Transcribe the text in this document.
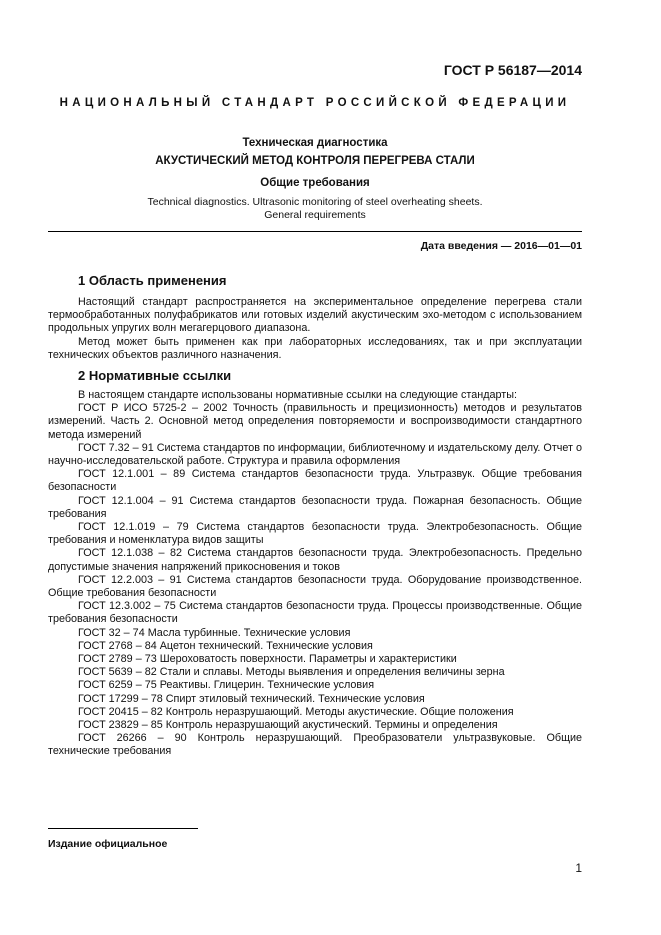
ГОСТ Р 56187—2014
НАЦИОНАЛЬНЫЙ СТАНДАРТ РОССИЙСКОЙ ФЕДЕРАЦИИ
Техническая диагностика
АКУСТИЧЕСКИЙ МЕТОД КОНТРОЛЯ ПЕРЕГРЕВА СТАЛИ
Общие требования
Technical diagnostics. Ultrasonic monitoring of steel overheating sheets.
General requirements
Дата введения — 2016—01—01
1 Область применения

Настоящий стандарт распространяется на экспериментальное определение перегрева стали термообработанных полуфабрикатов или готовых изделий акустическим эхо-методом с использованием продольных упругих волн мегагерцового диапазона.

Метод может быть применен как при лабораторных исследованиях, так и при эксплуатации технических объектов различного назначения.

2 Нормативные ссылки

В настоящем стандарте использованы нормативные ссылки на следующие стандарты:

ГОСТ Р ИСО 5725-2 – 2002 Точность (правильность и прецизионность) методов и результатов измерений. Часть 2. Основной метод определения повторяемости и воспроизводимости стандартного метода измерений

ГОСТ 7.32 – 91 Система стандартов по информации, библиотечному и издательскому делу. Отчет о научно-исследовательской работе. Структура и правила оформления

ГОСТ 12.1.001 – 89 Система стандартов безопасности труда. Ультразвук. Общие требования безопасности

ГОСТ 12.1.004 – 91 Система стандартов безопасности труда. Пожарная безопасность. Общие требования

ГОСТ 12.1.019 – 79 Система стандартов безопасности труда. Электробезопасность. Общие требования и номенклатура видов защиты

ГОСТ 12.1.038 – 82 Система стандартов безопасности труда. Электробезопасность. Предельно допустимые значения напряжений прикосновения и токов

ГОСТ 12.2.003 – 91 Система стандартов безопасности труда. Оборудование производственное. Общие требования безопасности

ГОСТ 12.3.002 – 75 Система стандартов безопасности труда. Процессы производственные. Общие требования безопасности

ГОСТ 32 – 74 Масла турбинные. Технические условия

ГОСТ 2768 – 84 Ацетон технический. Технические условия

ГОСТ 2789 – 73 Шероховатость поверхности. Параметры и характеристики

ГОСТ 5639 – 82 Стали и сплавы. Методы выявления и определения величины зерна

ГОСТ 6259 – 75 Реактивы. Глицерин. Технические условия

ГОСТ 17299 – 78 Спирт этиловый технический. Технические условия

ГОСТ 20415 – 82 Контроль неразрушающий. Методы акустические. Общие положения

ГОСТ 23829 – 85 Контроль неразрушающий акустический. Термины и определения

ГОСТ 26266 – 90 Контроль неразрушающий. Преобразователи ультразвуковые. Общие технические требования

Издание официальное
1
